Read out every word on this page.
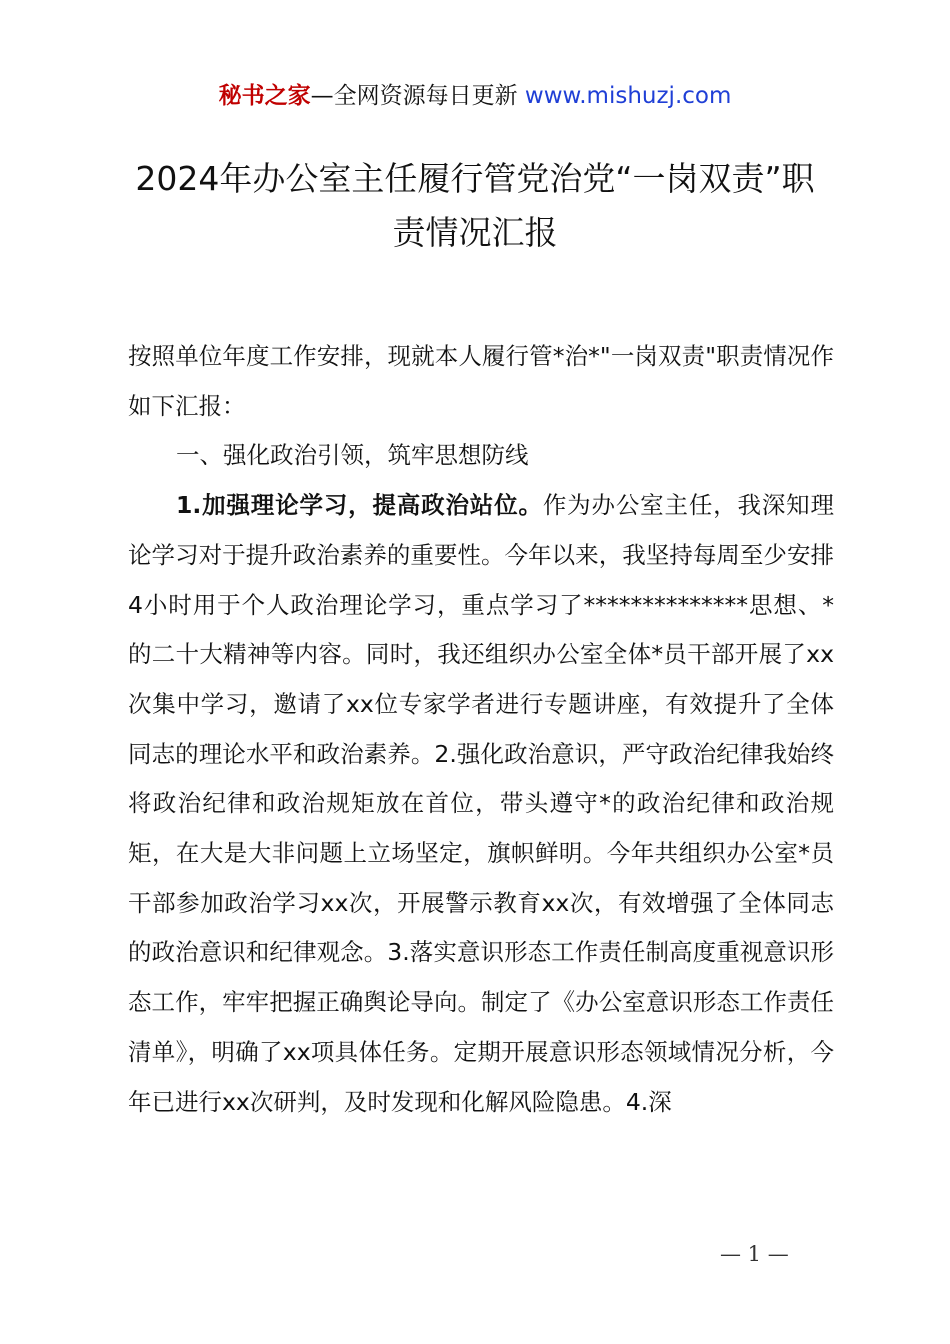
秘书之家—全网资源每日更新 www.mishuzj.com
2024年办公室主任履行管党治党“一岗双责”职责情况汇报

按照单位年度工作安排，现就本人履行管*治*"一岗双责"职责情况作如下汇报：

一、强化政治引领，筑牢思想防线

1.加强理论学习，提高政治站位。作为办公室主任，我深知理论学习对于提升政治素养的重要性。今年以来，我坚持每周至少安排4小时用于个人政治理论学习，重点学习了**************思想、*的二十大精神等内容。同时，我还组织办公室全体*员干部开展了xx次集中学习，邀请了xx位专家学者进行专题讲座，有效提升了全体同志的理论水平和政治素养。2.强化政治意识，严守政治纪律我始终将政治纪律和政治规矩放在首位，带头遵守*的政治纪律和政治规矩，在大是大非问题上立场坚定，旗帜鲜明。今年共组织办公室*员干部参加政治学习xx次，开展警示教育xx次，有效增强了全体同志的政治意识和纪律观念。3.落实意识形态工作责任制高度重视意识形态工作，牢牢把握正确舆论导向。制定了《办公室意识形态工作责任清单》，明确了xx项具体任务。定期开展意识形态领域情况分析，今年已进行xx次研判，及时发现和化解风险隐患。4.深

— 1 —
